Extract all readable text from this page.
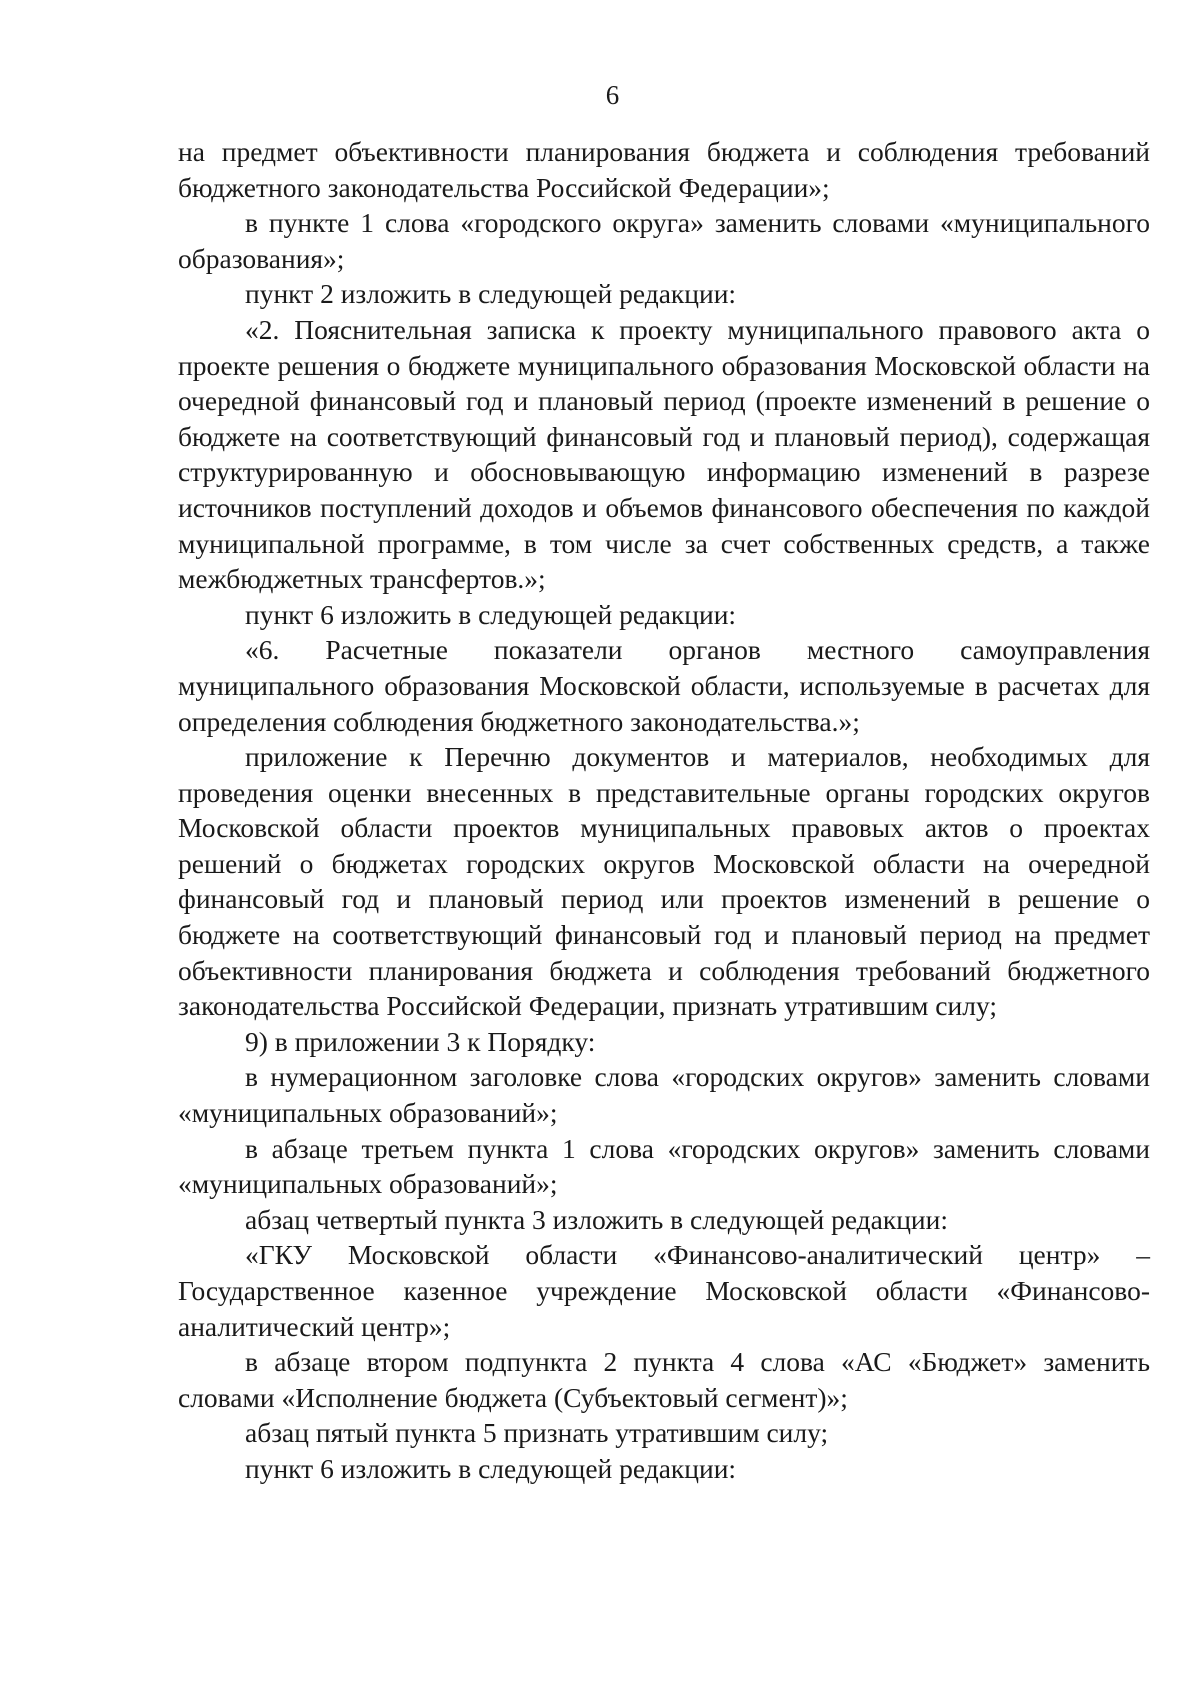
6

на предмет объективности планирования бюджета и соблюдения требований бюджетного законодательства Российской Федерации»;

в пункте 1 слова «городского округа» заменить словами «муниципального образования»;

пункт 2 изложить в следующей редакции:

«2. Пояснительная записка к проекту муниципального правового акта о проекте решения о бюджете муниципального образования Московской области на очередной финансовый год и плановый период (проекте изменений в решение о бюджете на соответствующий финансовый год и плановый период), содержащая структурированную и обосновывающую информацию изменений в разрезе источников поступлений доходов и объемов финансового обеспечения по каждой муниципальной программе, в том числе за счет собственных средств, а также межбюджетных трансфертов.»;

пункт 6 изложить в следующей редакции:

«6. Расчетные показатели органов местного самоуправления муниципального образования Московской области, используемые в расчетах для определения соблюдения бюджетного законодательства.»;

приложение к Перечню документов и материалов, необходимых для проведения оценки внесенных в представительные органы городских округов Московской области проектов муниципальных правовых актов о проектах решений о бюджетах городских округов Московской области на очередной финансовый год и плановый период или проектов изменений в решение о бюджете на соответствующий финансовый год и плановый период на предмет объективности планирования бюджета и соблюдения требований бюджетного законодательства Российской Федерации, признать утратившим силу;

9) в приложении 3 к Порядку:

в нумерационном заголовке слова «городских округов» заменить словами «муниципальных образований»;

в абзаце третьем пункта 1 слова «городских округов» заменить словами «муниципальных образований»;

абзац четвертый пункта 3 изложить в следующей редакции:

«ГКУ Московской области «Финансово-аналитический центр» – Государственное казенное учреждение Московской области «Финансово-аналитический центр»;

в абзаце втором подпункта 2 пункта 4 слова «АС «Бюджет» заменить словами «Исполнение бюджета (Субъектовый сегмент)»;

абзац пятый пункта 5 признать утратившим силу;

пункт 6 изложить в следующей редакции:
